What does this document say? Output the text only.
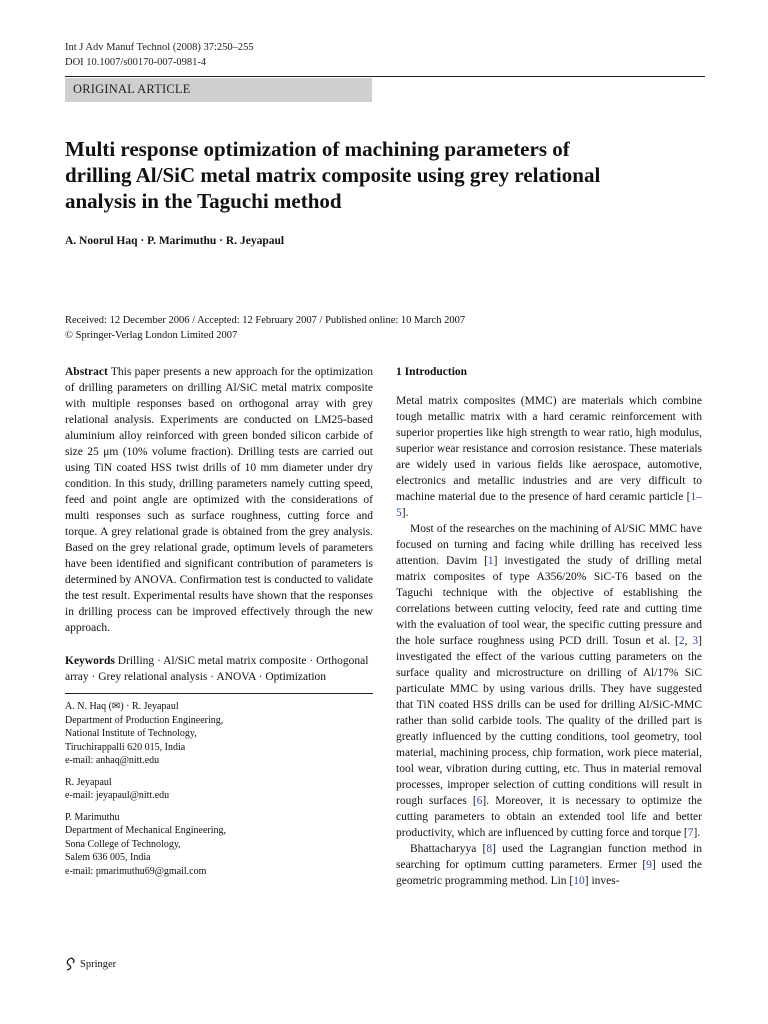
Int J Adv Manuf Technol (2008) 37:250–255
DOI 10.1007/s00170-007-0981-4
ORIGINAL ARTICLE
Multi response optimization of machining parameters of drilling Al/SiC metal matrix composite using grey relational analysis in the Taguchi method
A. Noorul Haq · P. Marimuthu · R. Jeyapaul
Received: 12 December 2006 / Accepted: 12 February 2007 / Published online: 10 March 2007
© Springer-Verlag London Limited 2007
Abstract This paper presents a new approach for the optimization of drilling parameters on drilling Al/SiC metal matrix composite with multiple responses based on orthogonal array with grey relational analysis. Experiments are conducted on LM25-based aluminium alloy reinforced with green bonded silicon carbide of size 25 μm (10% volume fraction). Drilling tests are carried out using TiN coated HSS twist drills of 10 mm diameter under dry condition. In this study, drilling parameters namely cutting speed, feed and point angle are optimized with the considerations of multi responses such as surface roughness, cutting force and torque. A grey relational grade is obtained from the grey analysis. Based on the grey relational grade, optimum levels of parameters have been identified and significant contribution of parameters is determined by ANOVA. Confirmation test is conducted to validate the test result. Experimental results have shown that the responses in drilling process can be improved effectively through the new approach.
Keywords Drilling · Al/SiC metal matrix composite · Orthogonal array · Grey relational analysis · ANOVA · Optimization
A. N. Haq (✉) · R. Jeyapaul
Department of Production Engineering,
National Institute of Technology,
Tiruchirappalli 620 015, India
e-mail: anhaq@nitt.edu
R. Jeyapaul
e-mail: jeyapaul@nitt.edu
P. Marimuthu
Department of Mechanical Engineering,
Sona College of Technology,
Salem 636 005, India
e-mail: pmarimuthu69@gmail.com
1 Introduction

Metal matrix composites (MMC) are materials which combine tough metallic matrix with a hard ceramic reinforcement with superior properties like high strength to wear ratio, high modulus, superior wear resistance and corrosion resistance. These materials are widely used in various fields like aerospace, automotive, electronics and metallic industries and are very difficult to machine material due to the presence of hard ceramic particle [1–5].

Most of the researches on the machining of Al/SiC MMC have focused on turning and facing while drilling has received less attention. Davim [1] investigated the study of drilling metal matrix composites of type A356/20% SiC-T6 based on the Taguchi technique with the objective of establishing the correlations between cutting velocity, feed rate and cutting time with the evaluation of tool wear, the specific cutting pressure and the hole surface roughness using PCD drill. Tosun et al. [2, 3] investigated the effect of the various cutting parameters on the surface quality and microstructure on drilling of Al/17% SiC particulate MMC by using various drills. They have suggested that TiN coated HSS drills can be used for drilling Al/SiC-MMC rather than solid carbide tools. The quality of the drilled part is greatly influenced by the cutting conditions, tool geometry, tool material, machining process, chip formation, work piece material, tool wear, vibration during cutting, etc. Thus in material removal processes, improper selection of cutting conditions will result in rough surfaces [6]. Moreover, it is necessary to optimize the cutting parameters to obtain an extended tool life and better productivity, which are influenced by cutting force and torque [7].

Bhattacharyya [8] used the Lagrangian function method in searching for optimum cutting parameters. Ermer [9] used the geometric programming method. Lin [10] inves-

Springer
